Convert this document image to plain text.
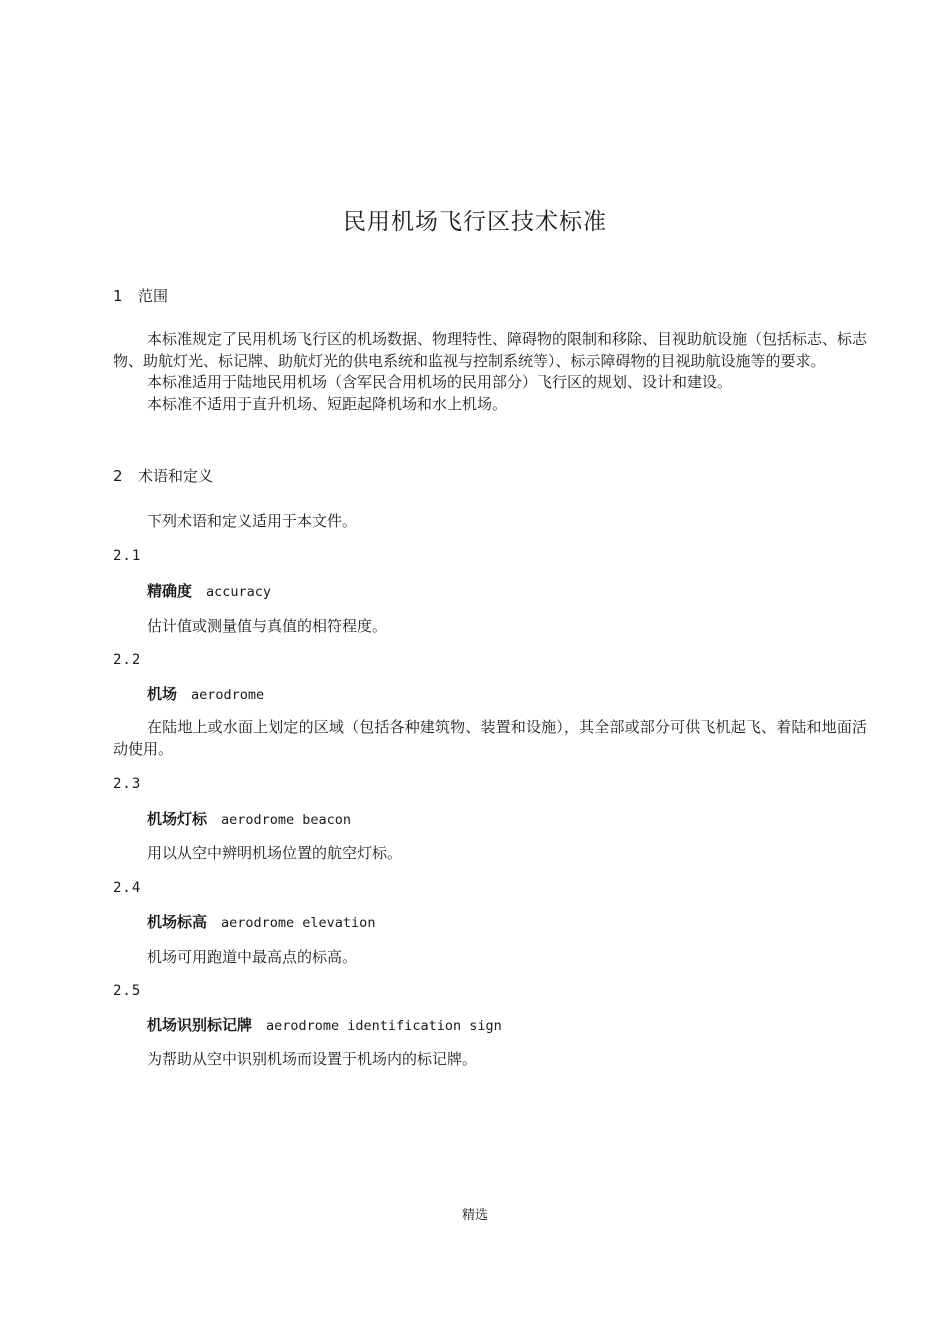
民用机场飞行区技术标准
1 范围

本标准规定了民用机场飞行区的机场数据、物理特性、障碍物的限制和移除、目视助航设施（包括标志、标志物、助航灯光、标记牌、助航灯光的供电系统和监视与控制系统等）、标示障碍物的目视助航设施等的要求。

本标准适用于陆地民用机场（含军民合用机场的民用部分）飞行区的规划、设计和建设。

本标准不适用于直升机场、短距起降机场和水上机场。

2 术语和定义
下列术语和定义适用于本文件。
2.1
精确度 accuracy
估计值或测量值与真值的相符程度。
2.2
机场 aerodrome
在陆地上或水面上划定的区域（包括各种建筑物、装置和设施），其全部或部分可供飞机起飞、着陆和地面活动使用。
2.3
机场灯标 aerodrome beacon
用以从空中辨明机场位置的航空灯标。
2.4
机场标高 aerodrome elevation
机场可用跑道中最高点的标高。
2.5
机场识别标记牌 aerodrome identification sign
为帮助从空中识别机场而设置于机场内的标记牌。
精选
